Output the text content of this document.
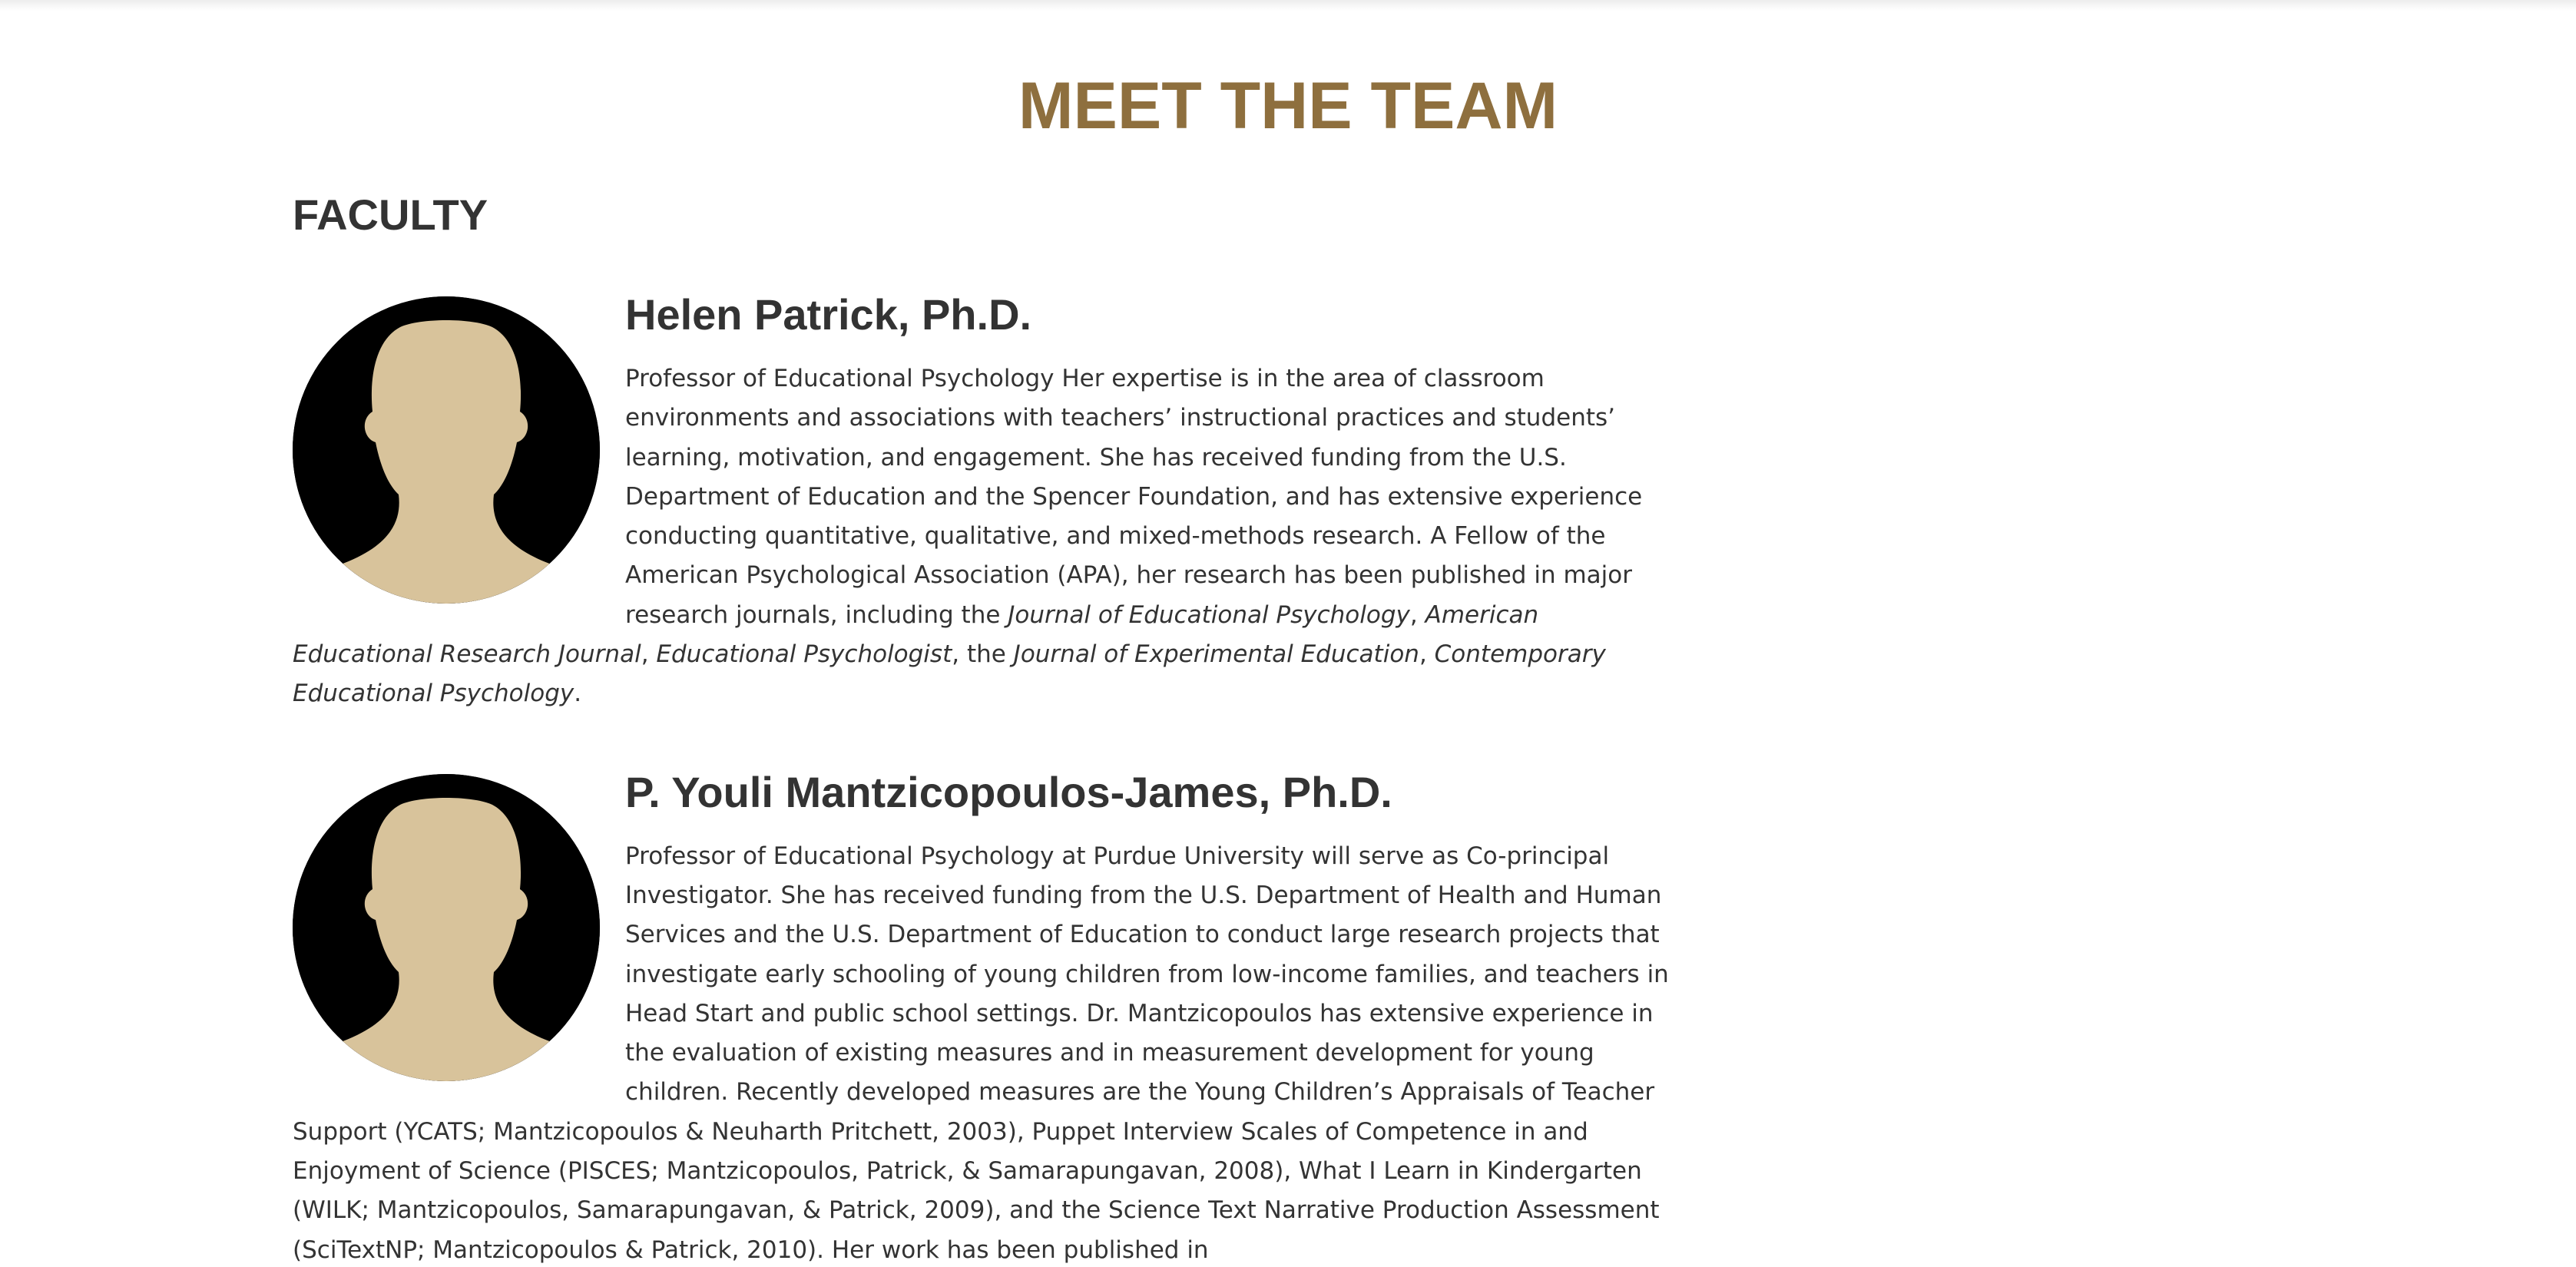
MEET THE TEAM
FACULTY
Helen Patrick, Ph.D.

Professor of Educational Psychology Her expertise is in the area of classroom environments and associations with teachers’ instructional practices and students’ learning, motivation, and engagement. She has received funding from the U.S. Department of Education and the Spencer Foundation, and has extensive experience conducting quantitative, qualitative, and mixed-methods research. A Fellow of the American Psychological Association (APA), her research has been published in major research journals, including the Journal of Educational Psychology, American Educational Research Journal, Educational Psychologist, the Journal of Experimental Education, Contemporary Educational Psychology.

P. Youli Mantzicopoulos-James, Ph.D.

Professor of Educational Psychology at Purdue University will serve as Co-principal Investigator. She has received funding from the U.S. Department of Health and Human Services and the U.S. Department of Education to conduct large research projects that investigate early schooling of young children from low-income families, and teachers in Head Start and public school settings. Dr. Mantzicopoulos has extensive experience in the evaluation of existing measures and in measurement development for young children. Recently developed measures are the Young Children’s Appraisals of Teacher Support (YCATS; Mantzicopoulos & Neuharth Pritchett, 2003), Puppet Interview Scales of Competence in and Enjoyment of Science (PISCES; Mantzicopoulos, Patrick, & Samarapungavan, 2008), What I Learn in Kindergarten (WILK; Mantzicopoulos, Samarapungavan, & Patrick, 2009), and the Science Text Narrative Production Assessment (SciTextNP; Mantzicopoulos & Patrick, 2010). Her work has been published in
